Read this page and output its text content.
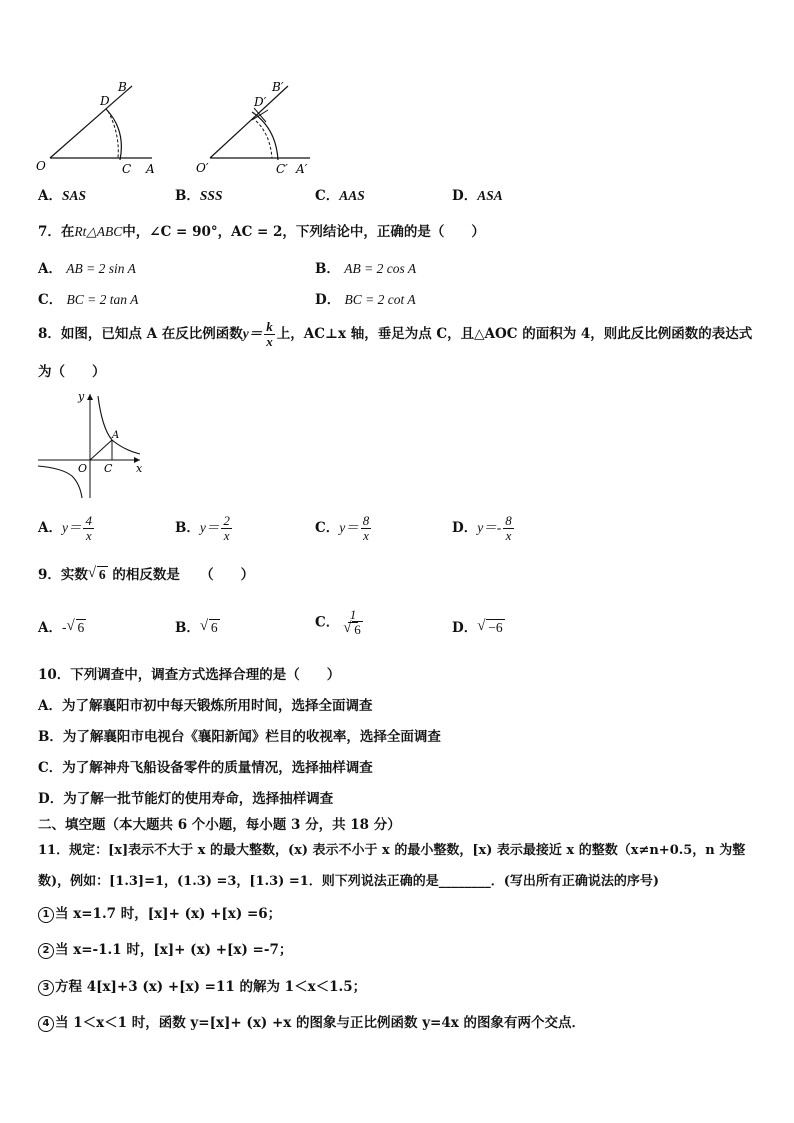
B
D
O	C A
B′
D′
O′	C′ A′
A．SAS	B．SSS	C．AAS	D．ASA
7．在Rt△ABC中，∠C = 90°，AC = 2，下列结论中，正确的是（　　）
A． AB = 2 sin A	B． AB = 2 cos A
C． BC = 2 tan A	D． BC = 2 cot A
8．如图，已知点 A 在反比例函数$y= \frac{k}{x}$ 上，AC⊥x 轴，垂足为点 C，且△AOC 的面积为 4，则此反比例函数的表达式
为（　　）
y
x
O C
A
A．$y= \frac{4}{x}$	B．$y= \frac{2}{x}$	C．$y= \frac{8}{x}$	D．$y=- \frac{8}{x}$
9．实数 √ 6 的相反数是　　（　　）
A．- √ 6	B． √ 6	C． $\frac{1}{√ 6}$	D． √ −6
10．下列调查中，调查方式选择合理的是（　　）
A．为了解襄阳市初中每天锻炼所用时间，选择全面调查
B．为了解襄阳市电视台《襄阳新闻》栏目的收视率，选择全面调查
C．为了解神舟飞船设备零件的质量情况，选择抽样调查
D．为了解一批节能灯的使用寿命，选择抽样调查
二、填空题（本大题共 6 个小题，每小题 3 分，共 18 分）
11．规定：[x]表示不大于 x 的最大整数，(x) 表示不小于 x 的最小整数，[x) 表示最接近 x 的整数（x≠n+0.5，n 为整
数)，例如：[1.3]=1，(1.3) =3，[1.3) =1．则下列说法正确的是________．(写出所有正确说法的序号)
1 当 x=1.7 时，[x]+ (x) +[x) =6；
2 当 x=-1.1 时，[x]+ (x) +[x) =-7；
3 方程 4[x]+3 (x) +[x) =11 的解为 1＜x＜1.5；
4 当 1＜x＜1 时，函数 y=[x]+ (x) +x 的图象与正比例函数 y=4x 的图象有两个交点．
